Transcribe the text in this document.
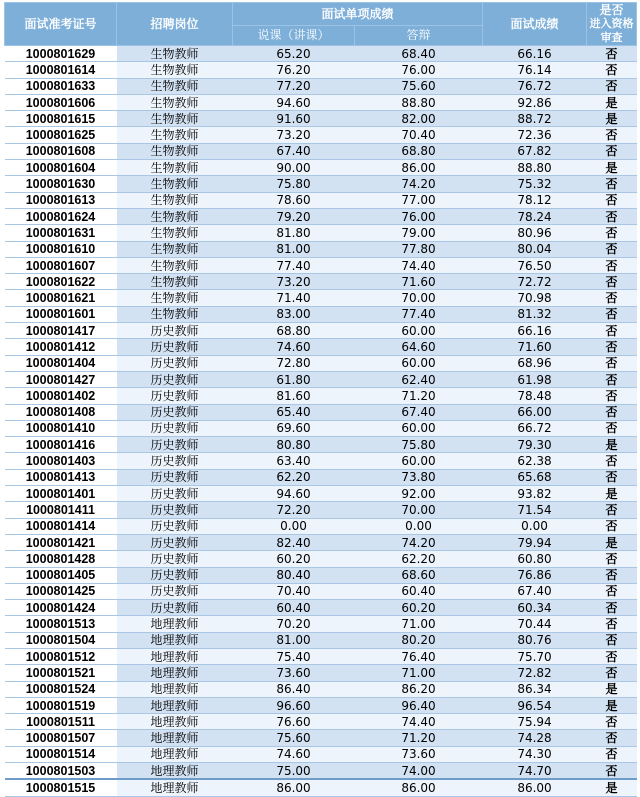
面试准考证号	招聘岗位	面试单项成绩		面试成绩	是否
进入资格审查

		说课（讲课）	答辩		
1000801629	生物教师	65.20	68.40	66.16	否
1000801614	生物教师	76.20	76.00	76.14	否
1000801633	生物教师	77.20	75.60	76.72	否
1000801606	生物教师	94.60	88.80	92.86	是
1000801615	生物教师	91.60	82.00	88.72	是
1000801625	生物教师	73.20	70.40	72.36	否
1000801608	生物教师	67.40	68.80	67.82	否
1000801604	生物教师	90.00	86.00	88.80	是
1000801630	生物教师	75.80	74.20	75.32	否
1000801613	生物教师	78.60	77.00	78.12	否
1000801624	生物教师	79.20	76.00	78.24	否
1000801631	生物教师	81.80	79.00	80.96	否
1000801610	生物教师	81.00	77.80	80.04	否
1000801607	生物教师	77.40	74.40	76.50	否
1000801622	生物教师	73.20	71.60	72.72	否
1000801621	生物教师	71.40	70.00	70.98	否
1000801601	生物教师	83.00	77.40	81.32	否
1000801417	历史教师	68.80	60.00	66.16	否
1000801412	历史教师	74.60	64.60	71.60	否
1000801404	历史教师	72.80	60.00	68.96	否
1000801427	历史教师	61.80	62.40	61.98	否
1000801402	历史教师	81.60	71.20	78.48	否
1000801408	历史教师	65.40	67.40	66.00	否
1000801410	历史教师	69.60	60.00	66.72	否
1000801416	历史教师	80.80	75.80	79.30	是
1000801403	历史教师	63.40	60.00	62.38	否
1000801413	历史教师	62.20	73.80	65.68	否
1000801401	历史教师	94.60	92.00	93.82	是
1000801411	历史教师	72.20	70.00	71.54	否
1000801414	历史教师	0.00	0.00	0.00	否
1000801421	历史教师	82.40	74.20	79.94	是
1000801428	历史教师	60.20	62.20	60.80	否
1000801405	历史教师	80.40	68.60	76.86	否
1000801425	历史教师	70.40	60.40	67.40	否
1000801424	历史教师	60.40	60.20	60.34	否
1000801513	地理教师	70.20	71.00	70.44	否
1000801504	地理教师	81.00	80.20	80.76	否
1000801512	地理教师	75.40	76.40	75.70	否
1000801521	地理教师	73.60	71.00	72.82	否
1000801524	地理教师	86.40	86.20	86.34	是
1000801519	地理教师	96.60	96.40	96.54	是
1000801511	地理教师	76.60	74.40	75.94	否
1000801507	地理教师	75.60	71.20	74.28	否
1000801514	地理教师	74.60	73.60	74.30	否
1000801503	地理教师	75.00	74.00	74.70	否
1000801515	地理教师	86.00	86.00	86.00	是
